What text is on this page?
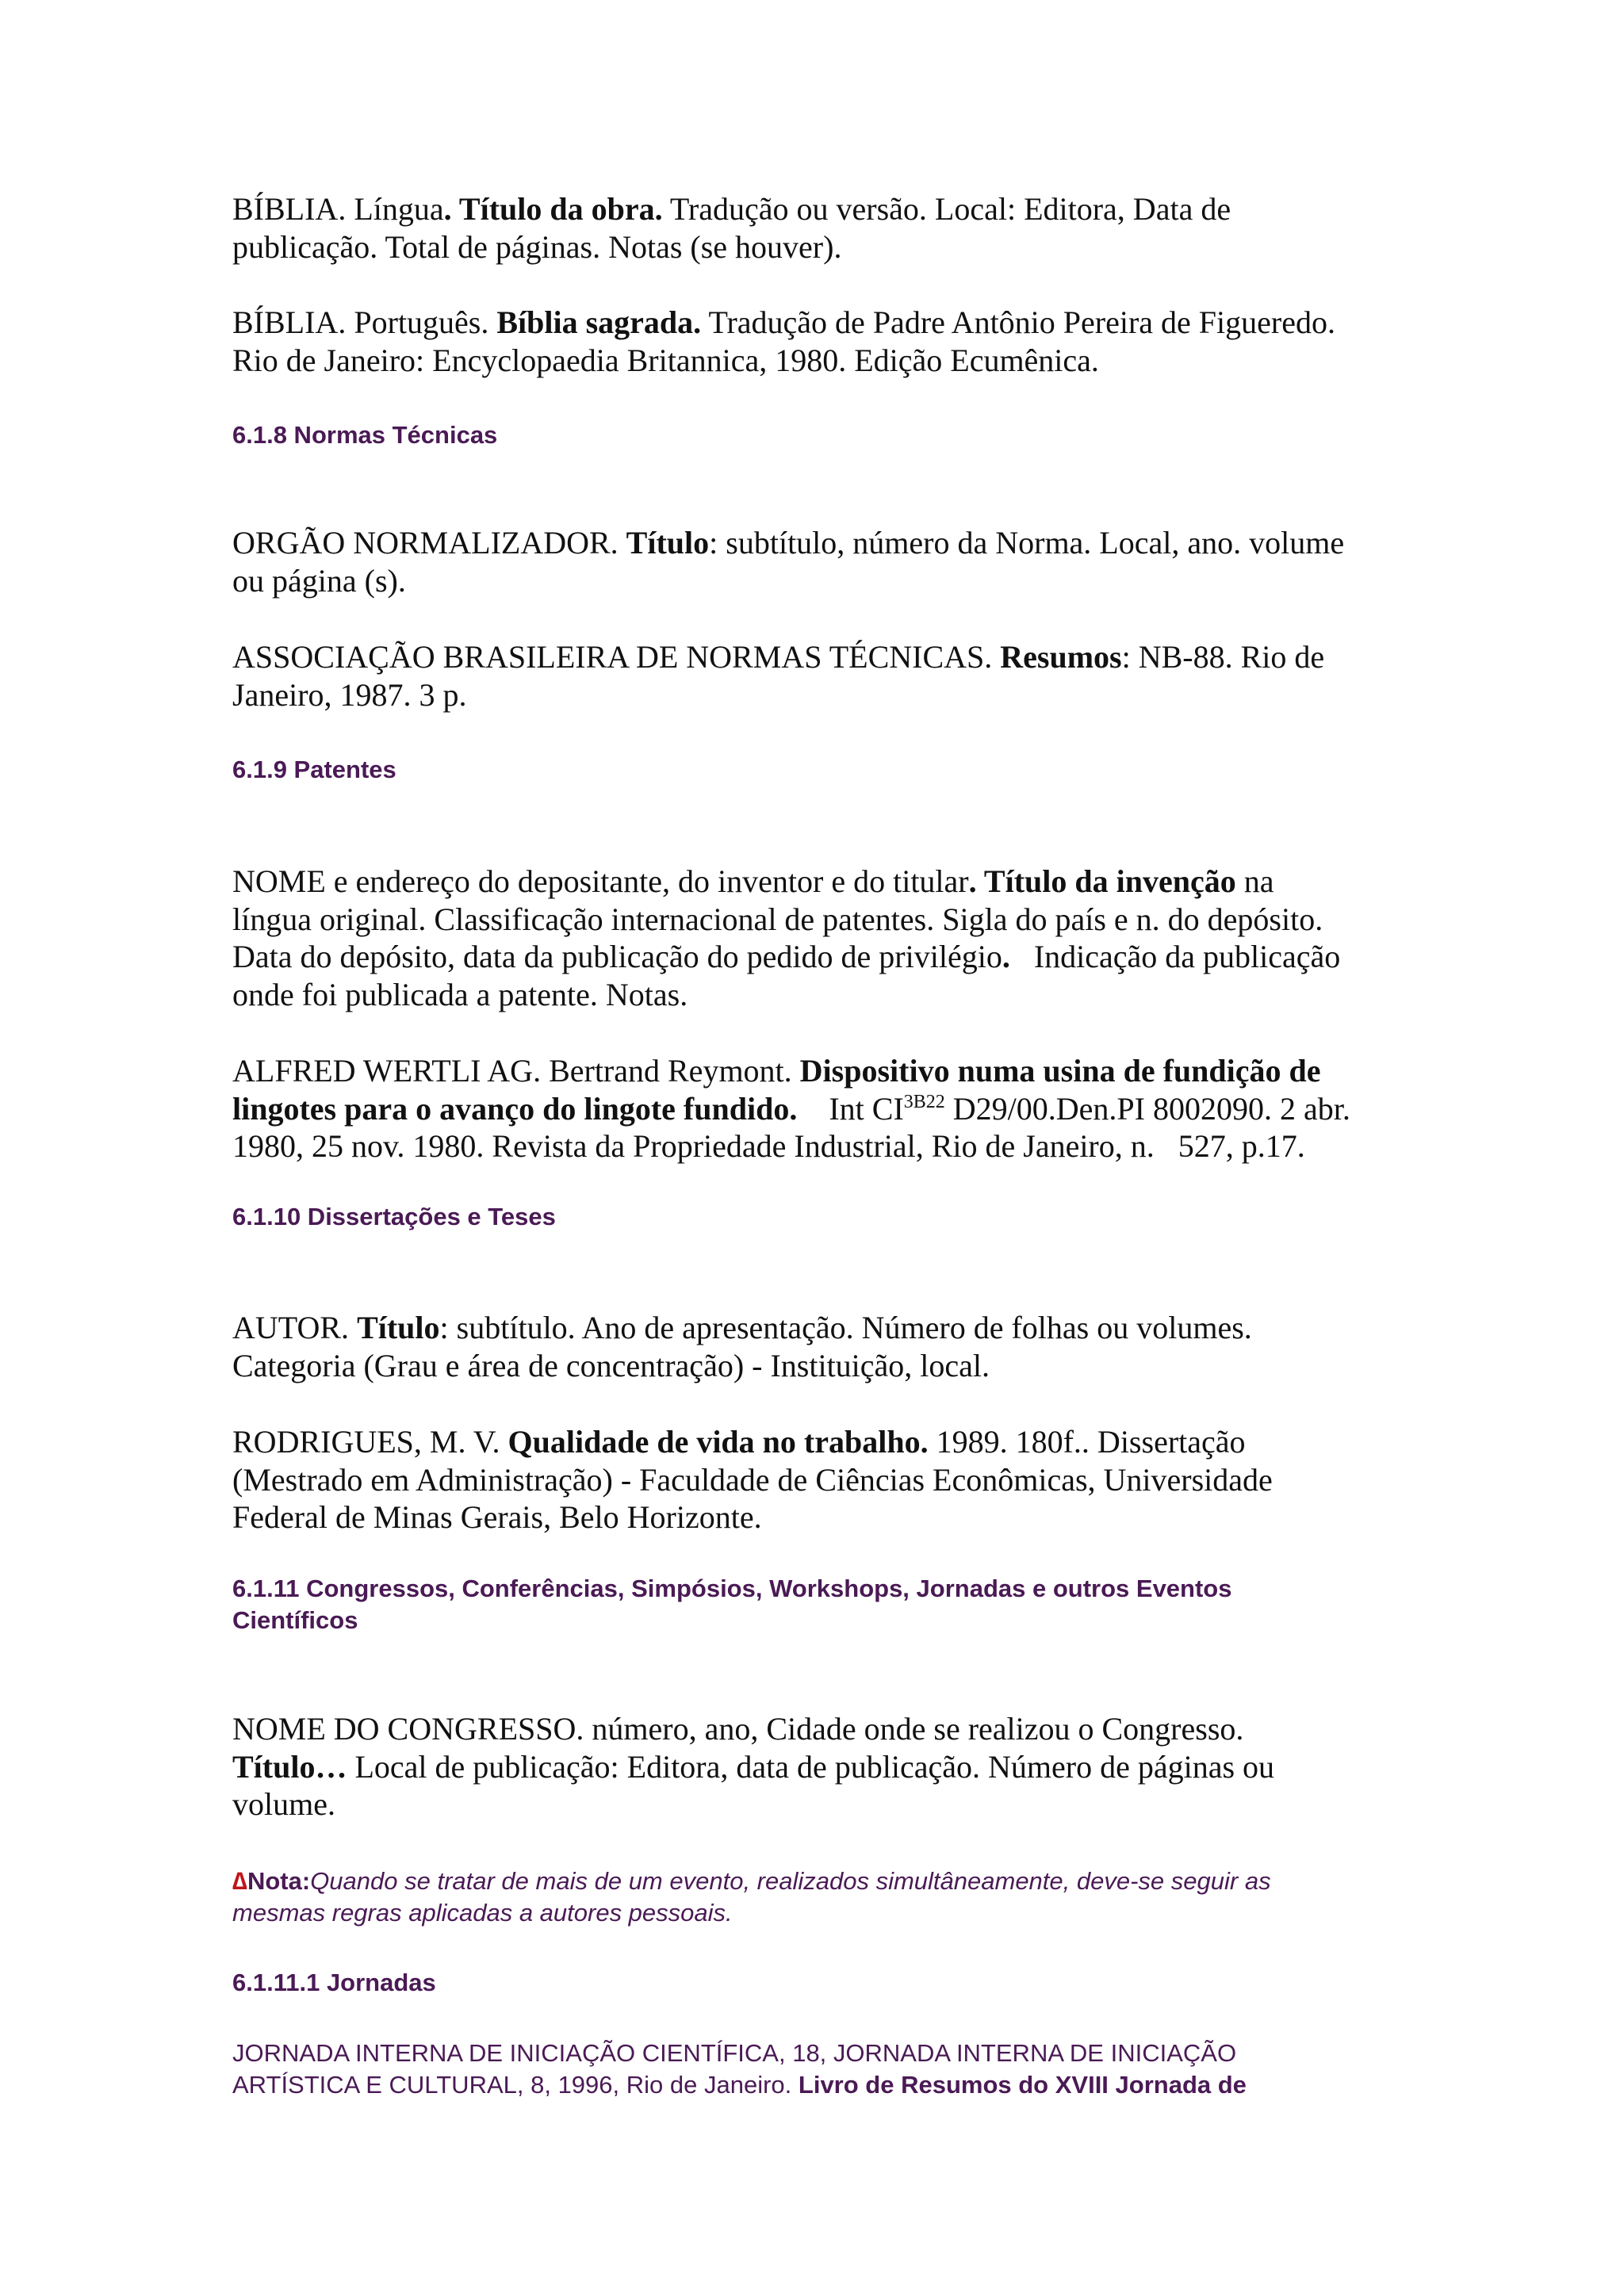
BÍBLIA. Língua. Título da obra. Tradução ou versão. Local: Editora, Data de
publicação. Total de páginas. Notas (se houver).

BÍBLIA. Português. Bíblia sagrada. Tradução de Padre Antônio Pereira de Figueredo.
Rio de Janeiro: Encyclopaedia Britannica, 1980. Edição Ecumênica.

6.1.8 Normas Técnicas

ORGÃO NORMALIZADOR. Título: subtítulo, número da Norma. Local, ano. volume
ou página (s).

ASSOCIAÇÃO BRASILEIRA DE NORMAS TÉCNICAS. Resumos: NB-88. Rio de
Janeiro, 1987. 3 p.

6.1.9 Patentes

NOME e endereço do depositante, do inventor e do titular. Título da invenção na
língua original. Classificação internacional de patentes. Sigla do país e n. do depósito.
Data do depósito, data da publicação do pedido de privilégio.   Indicação da publicação
onde foi publicada a patente. Notas.

ALFRED WERTLI AG. Bertrand Reymont. Dispositivo numa usina de fundição de
lingotes para o avanço do lingote fundido.    Int $CI^{3B22}$ D29/00.Den.PI 8002090. 2 abr.
1980, 25 nov. 1980. Revista da Propriedade Industrial, Rio de Janeiro, n.   527, p.17.

6.1.10 Dissertações e Teses

AUTOR. Título: subtítulo. Ano de apresentação. Número de folhas ou volumes.
Categoria (Grau e área de concentração) - Instituição, local.

RODRIGUES, M. V. Qualidade de vida no trabalho. 1989. 180f.. Dissertação
(Mestrado em Administração) - Faculdade de Ciências Econômicas, Universidade
Federal de Minas Gerais, Belo Horizonte.

6.1.11 Congressos, Conferências, Simpósios, Workshops, Jornadas e outros Eventos
Científicos

NOME DO CONGRESSO. número, ano, Cidade onde se realizou o Congresso.
Título… Local de publicação: Editora, data de publicação. Número de páginas ou
volume.

∆Nota:Quando se tratar de mais de um evento, realizados simultâneamente, deve-se seguir as
mesmas regras aplicadas a autores pessoais.

6.1.11.1 Jornadas

JORNADA INTERNA DE INICIAÇÃO CIENTÍFICA, 18, JORNADA INTERNA DE INICIAÇÃO
ARTÍSTICA E CULTURAL, 8, 1996, Rio de Janeiro. Livro de Resumos do XVIII Jornada de
